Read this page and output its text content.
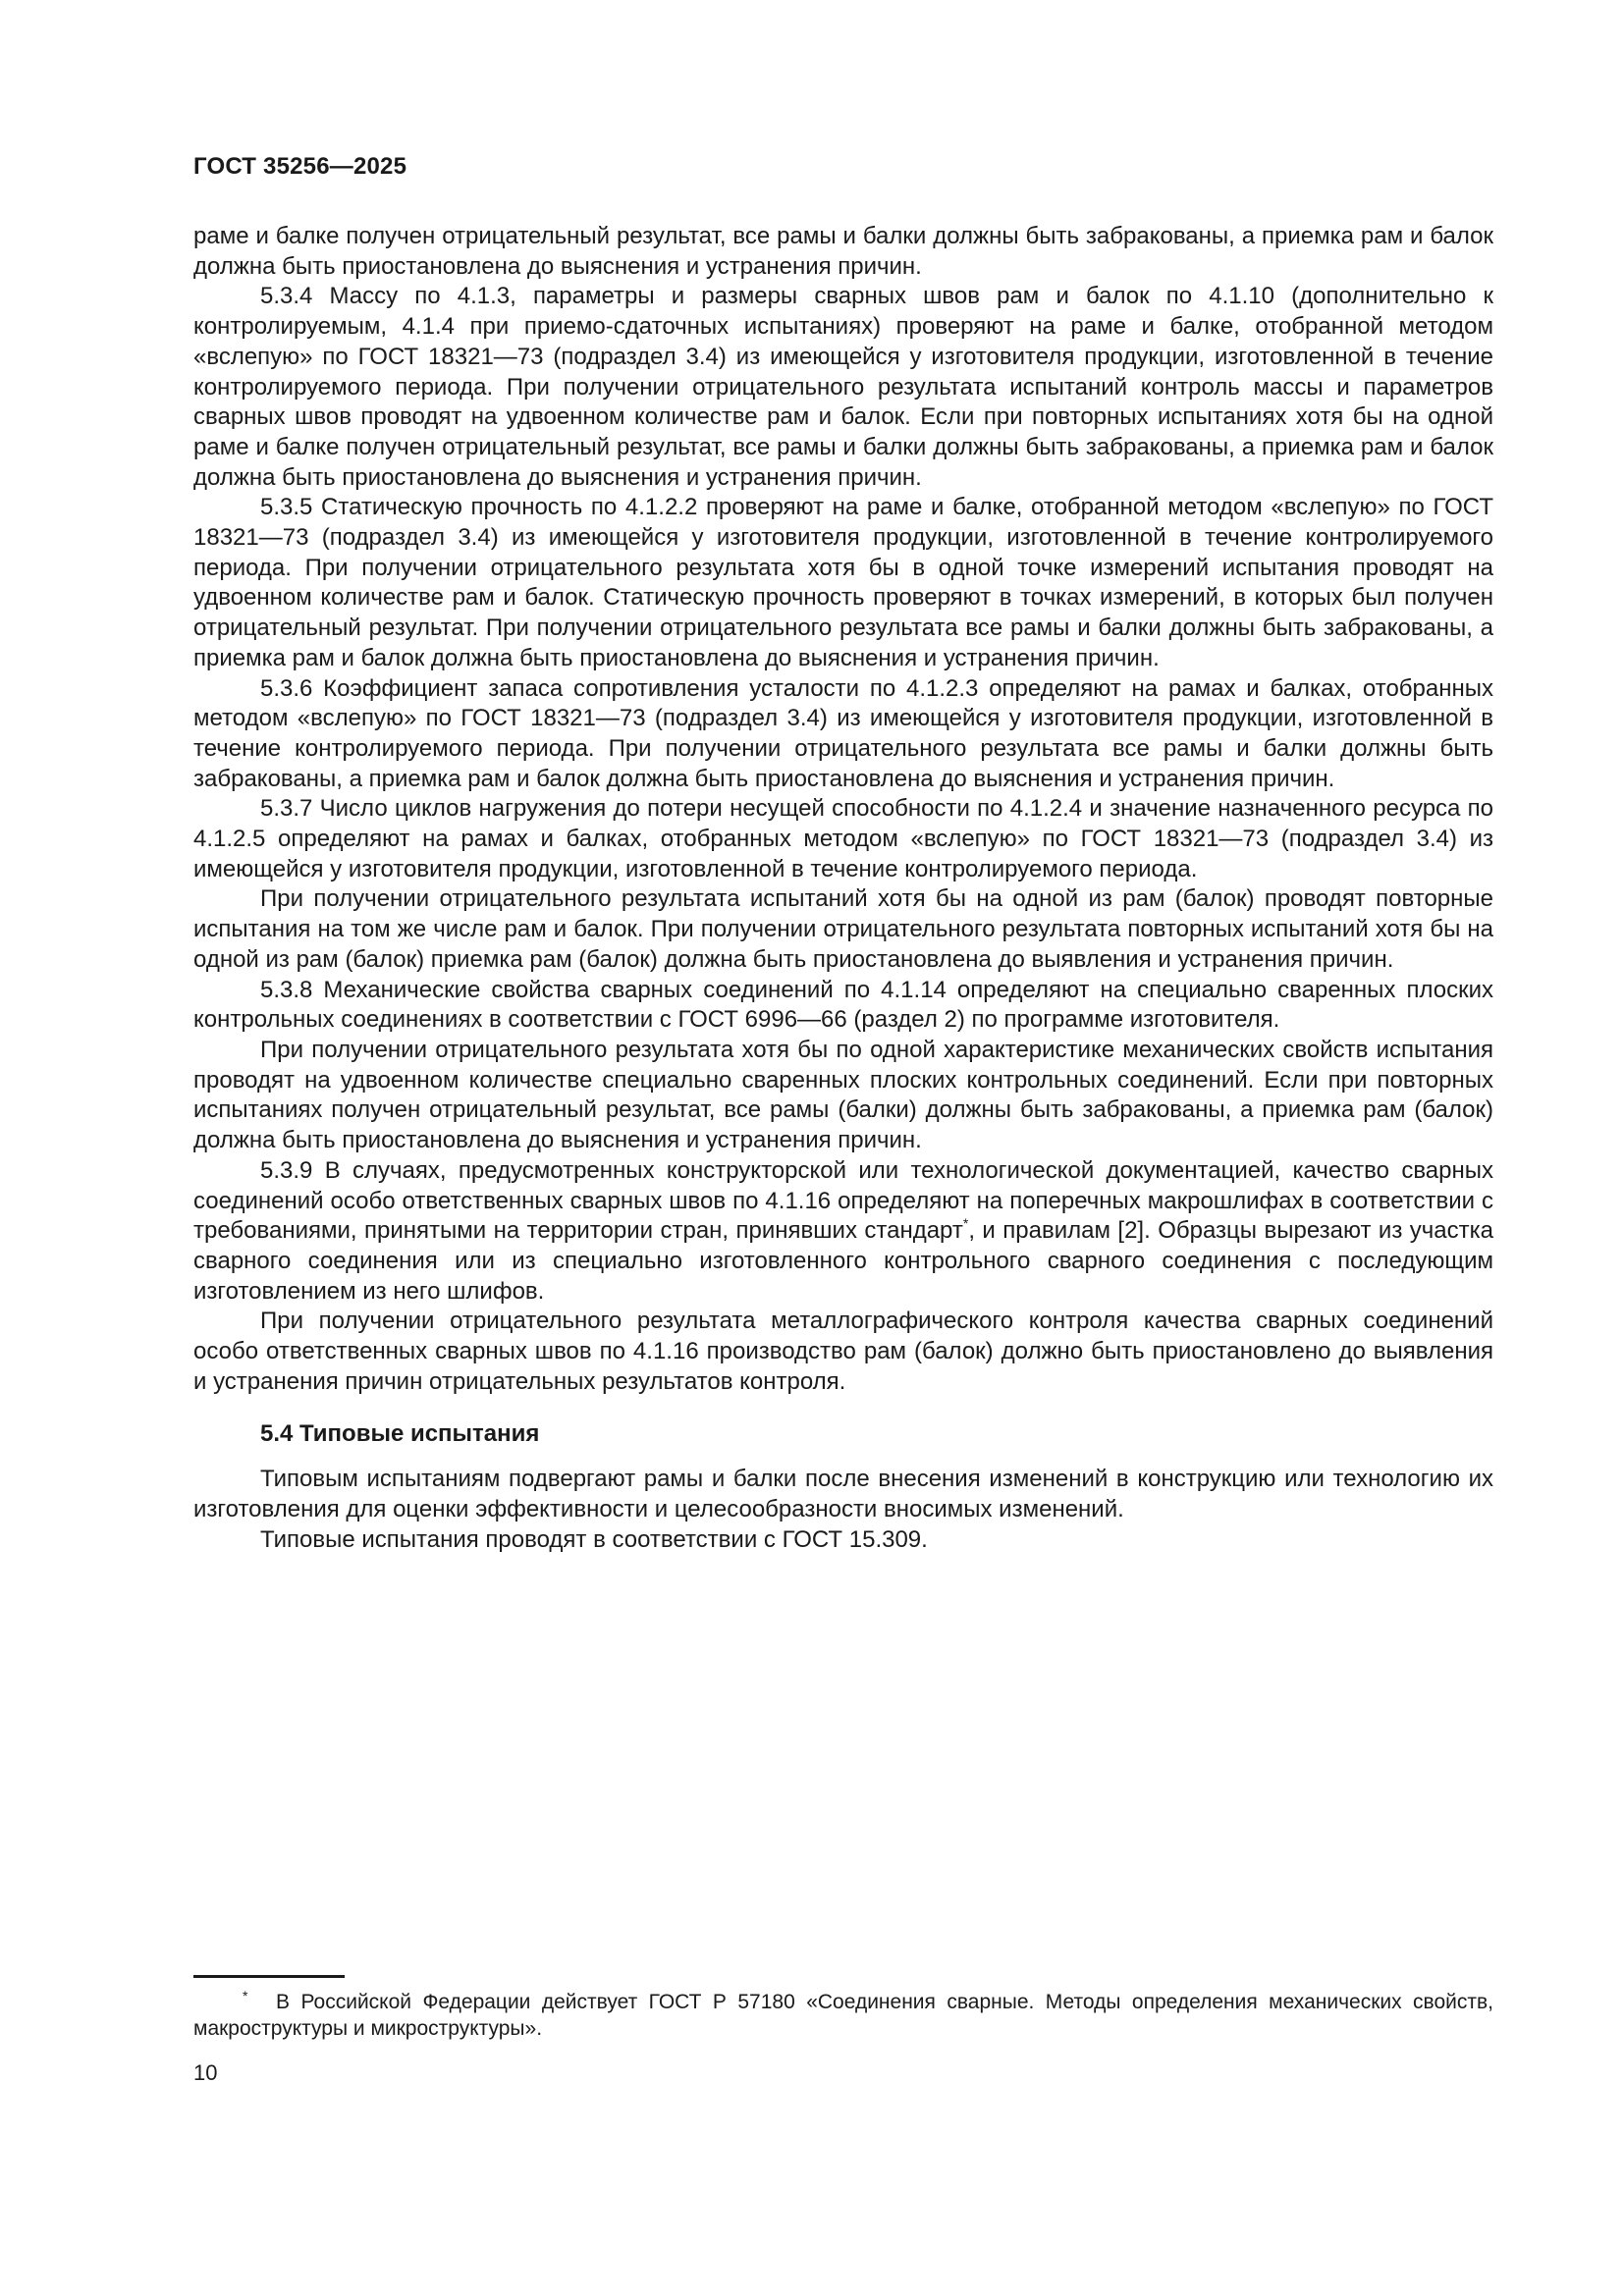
ГОСТ 35256—2025

раме и балке получен отрицательный результат, все рамы и балки должны быть забракованы, а приемка рам и балок должна быть приостановлена до выяснения и устранения причин.

5.3.4 Массу по 4.1.3, параметры и размеры сварных швов рам и балок по 4.1.10 (дополнительно к контролируемым, 4.1.4 при приемо-сдаточных испытаниях) проверяют на раме и балке, отобранной методом «вслепую» по ГОСТ 18321—73 (подраздел 3.4) из имеющейся у изготовителя продукции, изготовленной в течение контролируемого периода. При получении отрицательного результата испытаний контроль массы и параметров сварных швов проводят на удвоенном количестве рам и балок. Если при повторных испытаниях хотя бы на одной раме и балке получен отрицательный результат, все рамы и балки должны быть забракованы, а приемка рам и балок должна быть приостановлена до выяснения и устранения причин.

5.3.5 Статическую прочность по 4.1.2.2 проверяют на раме и балке, отобранной методом «вслепую» по ГОСТ 18321—73 (подраздел 3.4) из имеющейся у изготовителя продукции, изготовленной в течение контролируемого периода. При получении отрицательного результата хотя бы в одной точке измерений испытания проводят на удвоенном количестве рам и балок. Статическую прочность проверяют в точках измерений, в которых был получен отрицательный результат. При получении отрицательного результата все рамы и балки должны быть забракованы, а приемка рам и балок должна быть приостановлена до выяснения и устранения причин.

5.3.6 Коэффициент запаса сопротивления усталости по 4.1.2.3 определяют на рамах и балках, отобранных методом «вслепую» по ГОСТ 18321—73 (подраздел 3.4) из имеющейся у изготовителя продукции, изготовленной в течение контролируемого периода. При получении отрицательного результата все рамы и балки должны быть забракованы, а приемка рам и балок должна быть приостановлена до выяснения и устранения причин.

5.3.7 Число циклов нагружения до потери несущей способности по 4.1.2.4 и значение назначенного ресурса по 4.1.2.5 определяют на рамах и балках, отобранных методом «вслепую» по ГОСТ 18321—73 (подраздел 3.4) из имеющейся у изготовителя продукции, изготовленной в течение контролируемого периода.

При получении отрицательного результата испытаний хотя бы на одной из рам (балок) проводят повторные испытания на том же числе рам и балок. При получении отрицательного результата повторных испытаний хотя бы на одной из рам (балок) приемка рам (балок) должна быть приостановлена до выявления и устранения причин.

5.3.8 Механические свойства сварных соединений по 4.1.14 определяют на специально сваренных плоских контрольных соединениях в соответствии с ГОСТ 6996—66 (раздел 2) по программе изготовителя.

При получении отрицательного результата хотя бы по одной характеристике механических свойств испытания проводят на удвоенном количестве специально сваренных плоских контрольных соединений. Если при повторных испытаниях получен отрицательный результат, все рамы (балки) должны быть забракованы, а приемка рам (балок) должна быть приостановлена до выяснения и устранения причин.

5.3.9 В случаях, предусмотренных конструкторской или технологической документацией, качество сварных соединений особо ответственных сварных швов по 4.1.16 определяют на поперечных макрошлифах в соответствии с требованиями, принятыми на территории стран, принявших стандарт*, и правилам [2]. Образцы вырезают из участка сварного соединения или из специально изготовленного контрольного сварного соединения с последующим изготовлением из него шлифов.

При получении отрицательного результата металлографического контроля качества сварных соединений особо ответственных сварных швов по 4.1.16 производство рам (балок) должно быть приостановлено до выявления и устранения причин отрицательных результатов контроля.

5.4 Типовые испытания

Типовым испытаниям подвергают рамы и балки после внесения изменений в конструкцию или технологию их изготовления для оценки эффективности и целесообразности вносимых изменений.

Типовые испытания проводят в соответствии с ГОСТ 15.309.

* В Российской Федерации действует ГОСТ Р 57180 «Соединения сварные. Методы определения механических свойств, макроструктуры и микроструктуры».
10
